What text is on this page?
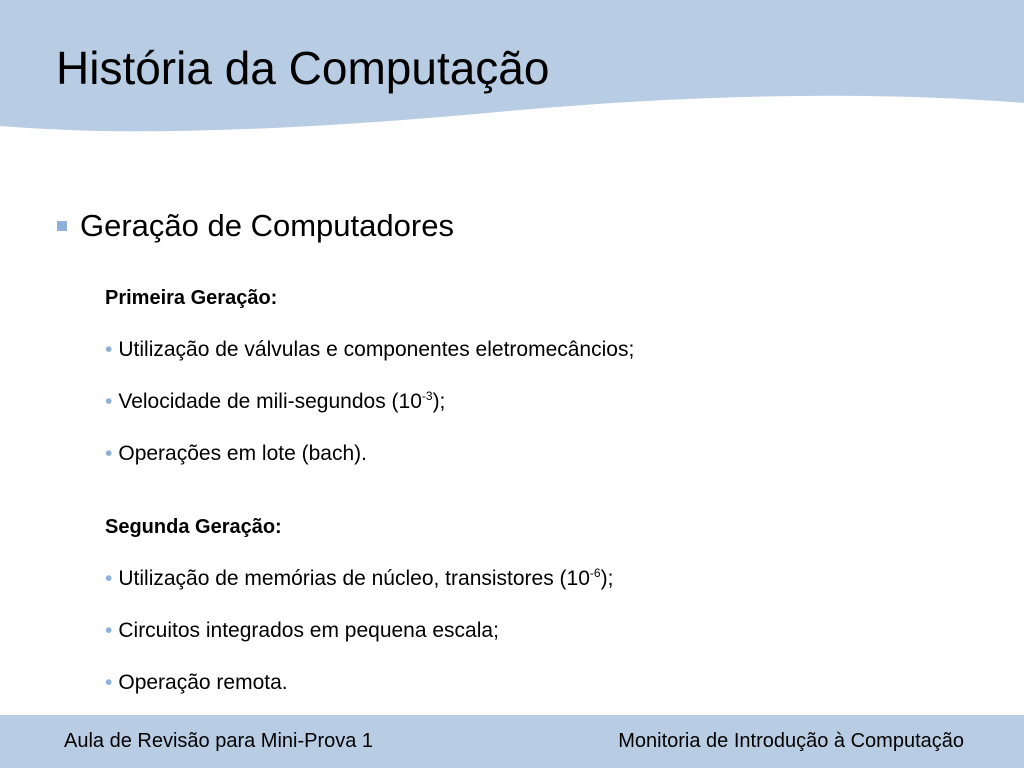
História da Computação
Geração de Computadores
Primeira Geração:
• Utilização de válvulas e componentes eletromecâncios;
• Velocidade de mili-segundos $(10^{-3})$;
• Operações em lote (bach).
Segunda Geração:
• Utilização de memórias de núcleo, transistores $(10^{-6})$;
• Circuitos integrados em pequena escala;
• Operação remota.
Aula de Revisão para Mini-Prova 1	Monitoria de Introdução à Computação
